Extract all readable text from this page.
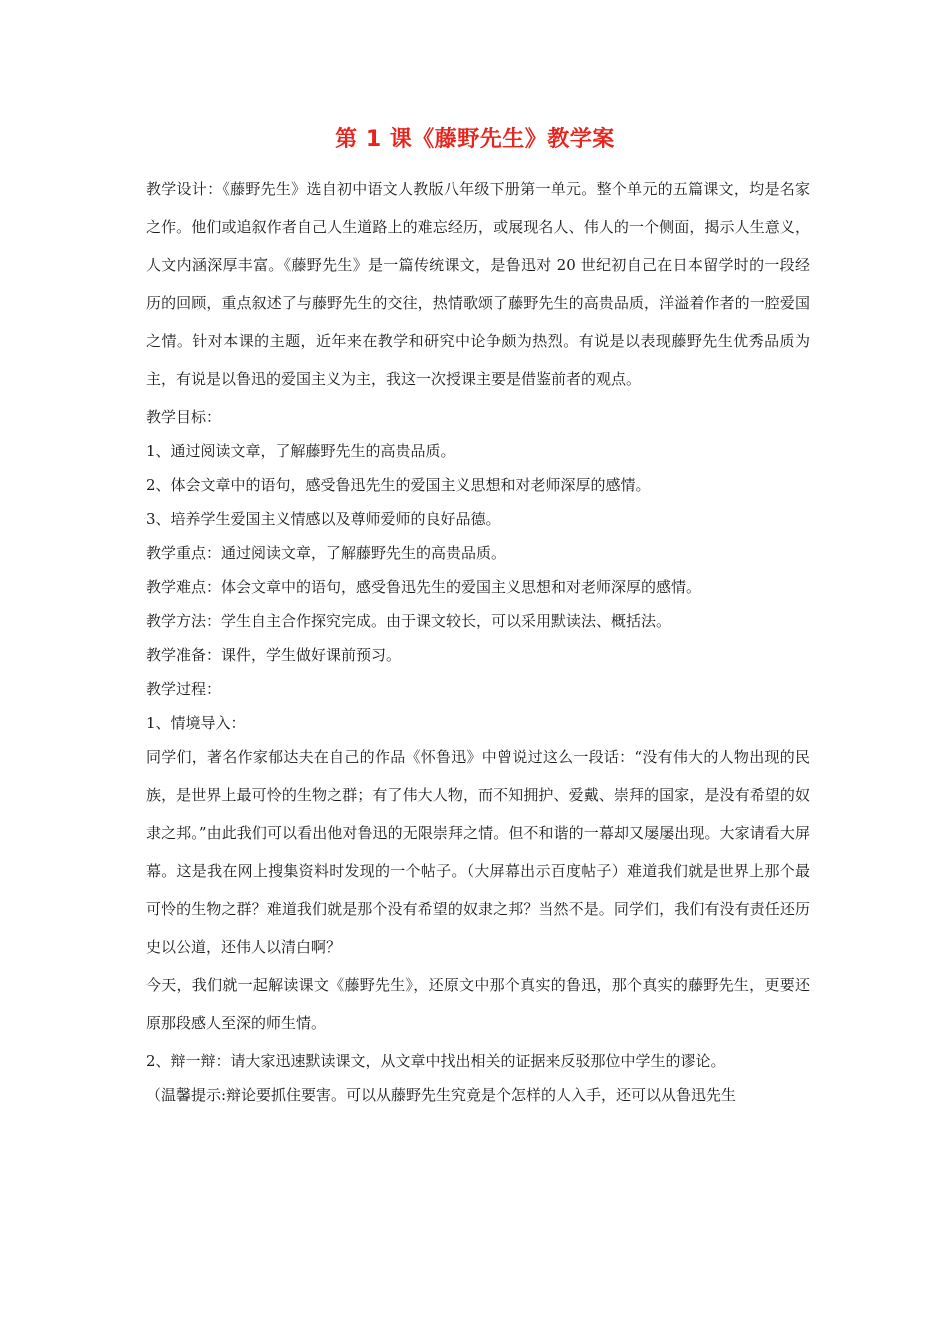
第 1 课《藤野先生》教学案

教学设计：《藤野先生》选自初中语文人教版八年级下册第一单元。整个单元的五篇课文，均是名家之作。他们或追叙作者自己人生道路上的难忘经历，或展现名人、伟人的一个侧面，揭示人生意义，人文内涵深厚丰富。《藤野先生》是一篇传统课文，是鲁迅对 20 世纪初自己在日本留学时的一段经历的回顾，重点叙述了与藤野先生的交往，热情歌颂了藤野先生的高贵品质，洋溢着作者的一腔爱国之情。针对本课的主题，近年来在教学和研究中论争颇为热烈。有说是以表现藤野先生优秀品质为主，有说是以鲁迅的爱国主义为主，我这一次授课主要是借鉴前者的观点。

教学目标：

1、通过阅读文章，了解藤野先生的高贵品质。

2、体会文章中的语句，感受鲁迅先生的爱国主义思想和对老师深厚的感情。

3、培养学生爱国主义情感以及尊师爱师的良好品德。

教学重点：通过阅读文章，了解藤野先生的高贵品质。

教学难点：体会文章中的语句，感受鲁迅先生的爱国主义思想和对老师深厚的感情。

教学方法：学生自主合作探究完成。由于课文较长，可以采用默读法、概括法。

教学准备：课件，学生做好课前预习。

教学过程：

1、情境导入：

同学们，著名作家郁达夫在自己的作品《怀鲁迅》中曾说过这么一段话：“没有伟大的人物出现的民族，是世界上最可怜的生物之群；有了伟大人物，而不知拥护、爱戴、崇拜的国家，是没有希望的奴隶之邦。”由此我们可以看出他对鲁迅的无限崇拜之情。但不和谐的一幕却又屡屡出现。大家请看大屏幕。这是我在网上搜集资料时发现的一个帖子。（大屏幕出示百度帖子）难道我们就是世界上那个最可怜的生物之群？难道我们就是那个没有希望的奴隶之邦？当然不是。同学们，我们有没有责任还历史以公道，还伟人以清白啊？

今天，我们就一起解读课文《藤野先生》，还原文中那个真实的鲁迅，那个真实的藤野先生，更要还原那段感人至深的师生情。

2、辩一辩：请大家迅速默读课文，从文章中找出相关的证据来反驳那位中学生的谬论。

（温馨提示:辩论要抓住要害。可以从藤野先生究竟是个怎样的人入手，还可以从鲁迅先生
